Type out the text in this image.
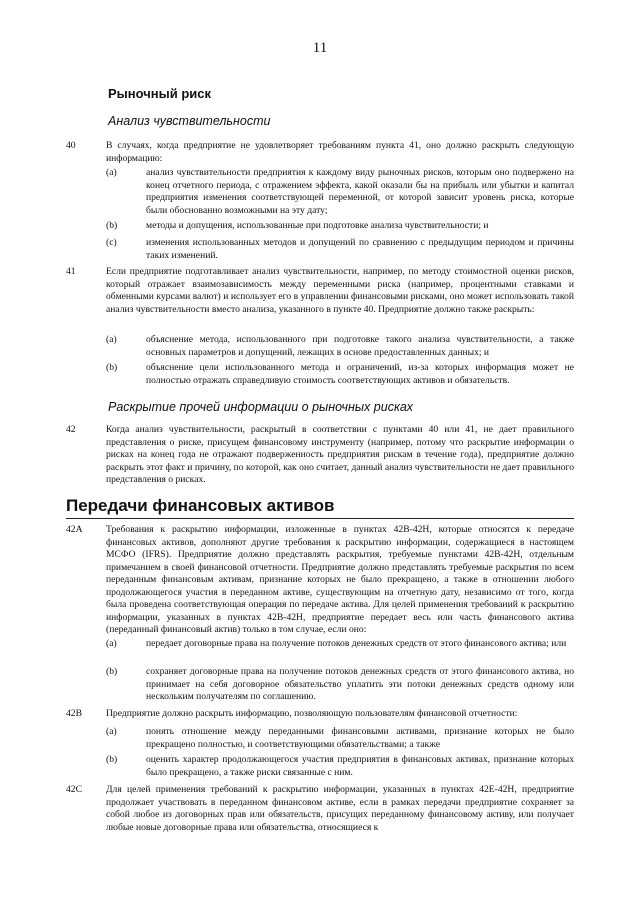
11
Рыночный риск
Анализ чувствительности
40	В случаях, когда предприятие не удовлетворяет требованиям пункта 41, оно должно раскрыть следующую информацию:
(a)	анализ чувствительности предприятия к каждому виду рыночных рисков, которым оно подвержено на конец отчетного периода, с отражением эффекта, какой оказали бы на прибыль или убытки и капитал предприятия изменения соответствующей переменной, от которой зависит уровень риска, которые были обоснованно возможными на эту дату;
(b)	методы и допущения, использованные при подготовке анализа чувствительности; и
(c)	изменения использованных методов и допущений по сравнению с предыдущим периодом и причины таких изменений.
41	Если предприятие подготавливает анализ чувствительности, например, по методу стоимостной оценки рисков, который отражает взаимозависимость между переменными риска (например, процентными ставками и обменными курсами валют) и использует его в управлении финансовыми рисками, оно может использовать такой анализ чувствительности вместо анализа, указанного в пункте 40. Предприятие должно также раскрыть:
(a)	объяснение метода, использованного при подготовке такого анализа чувствительности, а также основных параметров и допущений, лежащих в основе предоставленных данных; и
(b)	объяснение цели использованного метода и ограничений, из-за которых информация может не полностью отражать справедливую стоимость соответствующих активов и обязательств.
Раскрытие прочей информации о рыночных рисках
42	Когда анализ чувствительности, раскрытый в соответствии с пунктами 40 или 41, не дает правильного представления о риске, присущем финансовому инструменту (например, потому что раскрытие информации о рисках на конец года не отражают подверженность предприятия рискам в течение года), предприятие должно раскрыть этот факт и причину, по которой, как оно считает, данный анализ чувствительности не дает правильного представления о рисках.
Передачи финансовых активов
42A	Требования к раскрытию информации, изложенные в пунктах 42B-42H, которые относятся к передаче финансовых активов, дополняют другие требования к раскрытию информации, содержащиеся в настоящем МСФО (IFRS). Предприятие должно представлять раскрытия, требуемые пунктами 42B-42H, отдельным примечанием в своей финансовой отчетности. Предприятие должно представлять требуемые раскрытия по всем переданным финансовым активам, признание которых не было прекращено, а также в отношении любого продолжающегося участия в переданном активе, существующим на отчетную дату, независимо от того, когда была проведена соответствующая операция по передаче актива. Для целей применения требований к раскрытию информации, указанных в пунктах 42B-42H, предприятие передает весь или часть финансового актива (переданный финансовый актив) только в том случае, если оно:
(a)	передает договорные права на получение потоков денежных средств от этого финансового актива; или
(b)	сохраняет договорные права на получение потоков денежных средств от этого финансового актива, но принимает на себя договорное обязательство уплатить эти потоки денежных средств одному или нескольким получателям по соглашению.
42B	Предприятие должно раскрыть информацию, позволяющую пользователям финансовой отчетности:
(a)	понять отношение между переданными финансовыми активами, признание которых не было прекращено полностью, и соответствующими обязательствами; а также
(b)	оценить характер продолжающегося участия предприятия в финансовых активах, признание которых было прекращено, а также риски связанные с ним.
42C	Для целей применения требований к раскрытию информации, указанных в пунктах 42E-42H, предприятие продолжает участвовать в переданном финансовом активе, если в рамках передачи предприятие сохраняет за собой любое из договорных прав или обязательств, присущих переданному финансовому активу, или получает любые новые договорные права или обязательства, относящиеся к
